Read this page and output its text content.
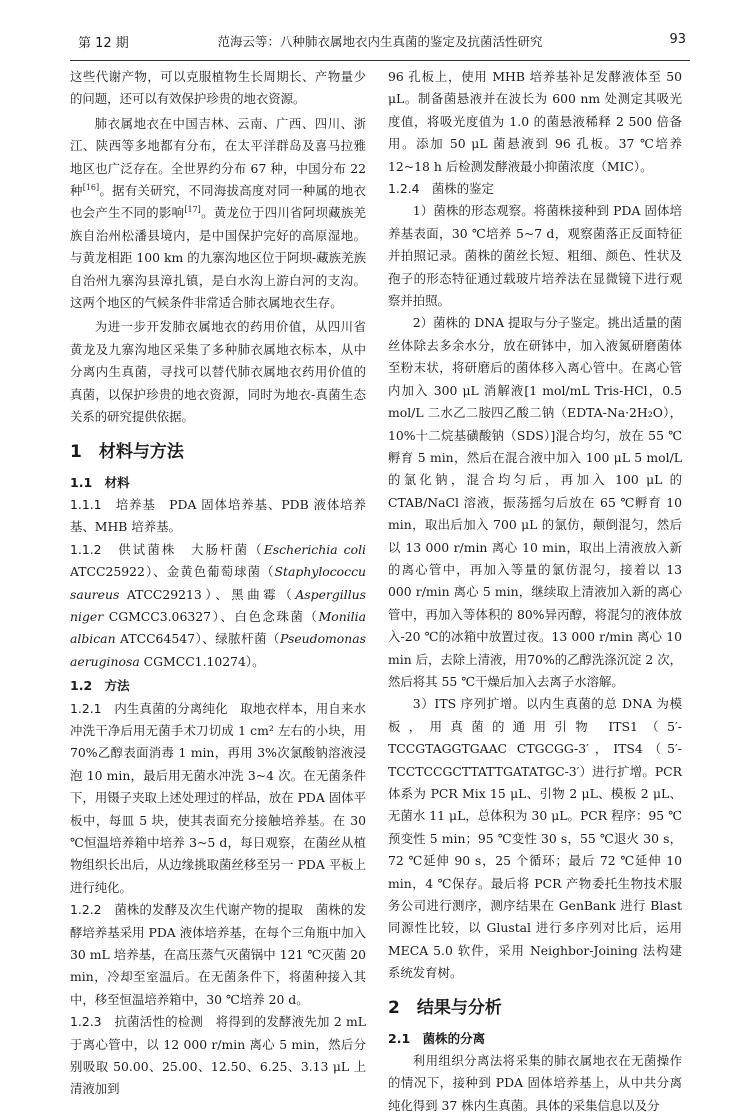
第 12 期	范海云等：八种肺衣属地衣内生真菌的鉴定及抗菌活性研究	93

这些代谢产物，可以克服植物生长周期长、产物量少的问题，还可以有效保护珍贵的地衣资源。

肺衣属地衣在中国吉林、云南、广西、四川、浙江、陕西等多地都有分布，在太平洋群岛及喜马拉雅地区也广泛存在。全世界约分布 67 种，中国分布 22 种[16]。据有关研究，不同海拔高度对同一种属的地衣也会产生不同的影响[17]。黄龙位于四川省阿坝藏族羌族自治州松潘县境内，是中国保护完好的高原湿地。与黄龙相距 100 km 的九寨沟地区位于阿坝-藏族羌族自治州九寨沟县漳扎镇，是白水沟上游白河的支沟。这两个地区的气候条件非常适合肺衣属地衣生存。

为进一步开发肺衣属地衣的药用价值，从四川省黄龙及九寨沟地区采集了多种肺衣属地衣标本，从中分离内生真菌，寻找可以替代肺衣属地衣药用价值的真菌，以保护珍贵的地衣资源，同时为地衣-真菌生态关系的研究提供依据。

1　材料与方法

1.1　材料

1.1.1　培养基　PDA 固体培养基、PDB 液体培养基、MHB 培养基。

1.1.2　供试菌株　大肠杆菌（Escherichia coli ATCC25922）、金黄色葡萄球菌（Staphylococcu saureus ATCC29213）、黑曲霉（Aspergillus niger CGMCC3.06327）、白色念珠菌（Monilia albican ATCC64547）、绿脓杆菌（Pseudomonas aeruginosa CGMCC1.10274）。

1.2　方法

1.2.1　内生真菌的分离纯化　取地衣样本，用自来水冲洗干净后用无菌手术刀切成 1 cm² 左右的小块，用 70%乙醇表面消毒 1 min，再用 3%次氯酸钠溶液浸泡 10 min，最后用无菌水冲洗 3~4 次。在无菌条件下，用镊子夹取上述处理过的样品，放在 PDA 固体平板中，每皿 5 块，使其表面充分接触培养基。在 30 ℃恒温培养箱中培养 3~5 d，每日观察，在菌丝从植物组织长出后，从边缘挑取菌丝移至另一 PDA 平板上进行纯化。

1.2.2　菌株的发酵及次生代谢产物的提取　菌株的发酵培养基采用 PDA 液体培养基，在每个三角瓶中加入 30 mL 培养基，在高压蒸气灭菌锅中 121 ℃灭菌 20 min，冷却至室温后。在无菌条件下，将菌种接入其中，移至恒温培养箱中，30 ℃培养 20 d。

1.2.3　抗菌活性的检测　将得到的发酵液先加 2 mL 于离心管中，以 12 000 r/min 离心 5 min，然后分别吸取 50.00、25.00、12.50、6.25、3.13 μL 上清液加到

96 孔板上，使用 MHB 培养基补足发酵液体至 50 μL。制备菌悬液并在波长为 600 nm 处测定其吸光度值，将吸光度值为 1.0 的菌悬液稀释 2 500 倍备用。添加 50 μL 菌悬液到 96 孔板。37 ℃培养 12~18 h 后检测发酵液最小抑菌浓度（MIC）。

1.2.4　菌株的鉴定

1）菌株的形态观察。将菌株接种到 PDA 固体培养基表面，30 ℃培养 5~7 d，观察菌落正反面特征并拍照记录。菌株的菌丝长短、粗细、颜色、性状及孢子的形态特征通过载玻片培养法在显微镜下进行观察并拍照。

2）菌株的 DNA 提取与分子鉴定。挑出适量的菌丝体除去多余水分，放在研钵中，加入液氮研磨菌体至粉末状，将研磨后的菌体移入离心管中。在离心管内加入 300 μL 消解液[1 mol/mL Tris-HCl，0.5 mol/L 二水乙二胺四乙酸二钠（EDTA-Na·2H₂O），10%十二烷基磺酸钠（SDS）]混合均匀，放在 55 ℃孵育 5 min，然后在混合液中加入 100 μL 5 mol/L 的氯化钠，混合均匀后，再加入 100 μL 的 CTAB/NaCl 溶液，振荡摇匀后放在 65 ℃孵育 10 min，取出后加入 700 μL 的氯仿，颠倒混匀，然后以 13 000 r/min 离心 10 min，取出上清液放入新的离心管中，再加入等量的氯仿混匀，接着以 13 000 r/min 离心 5 min，继续取上清液加入新的离心管中，再加入等体积的 80%异丙醇，将混匀的液体放入-20 ℃的冰箱中放置过夜。13 000 r/min 离心 10 min 后，去除上清液，用70%的乙醇洗涤沉淀 2 次，然后将其 55 ℃干燥后加入去离子水溶解。

3）ITS 序列扩增。以内生真菌的总 DNA 为模板，用真菌的通用引物 ITS1（5′-TCCGTAGGTGAAC CTGCGG-3′，ITS4（5′-TCCTCCGCTTATTGATATGC-3′）进行扩增。PCR 体系为 PCR Mix 15 μL、引物 2 μL、模板 2 μL、无菌水 11 μL，总体积为 30 μL。PCR 程序：95 ℃预变性 5 min；95 ℃变性 30 s，55 ℃退火 30 s，72 ℃延伸 90 s，25 个循环；最后 72 ℃延伸 10 min，4 ℃保存。最后将 PCR 产物委托生物技术服务公司进行测序，测序结果在 GenBank 进行 Blast 同源性比较，以 Glustal 进行多序列对比后，运用 MECA 5.0 软件，采用 Neighbor-Joining 法构建系统发育树。

2　结果与分析

2.1　菌株的分离

利用组织分离法将采集的肺衣属地衣在无菌操作的情况下，接种到 PDA 固体培养基上，从中共分离纯化得到 37 株内生真菌。具体的采集信息以及分
